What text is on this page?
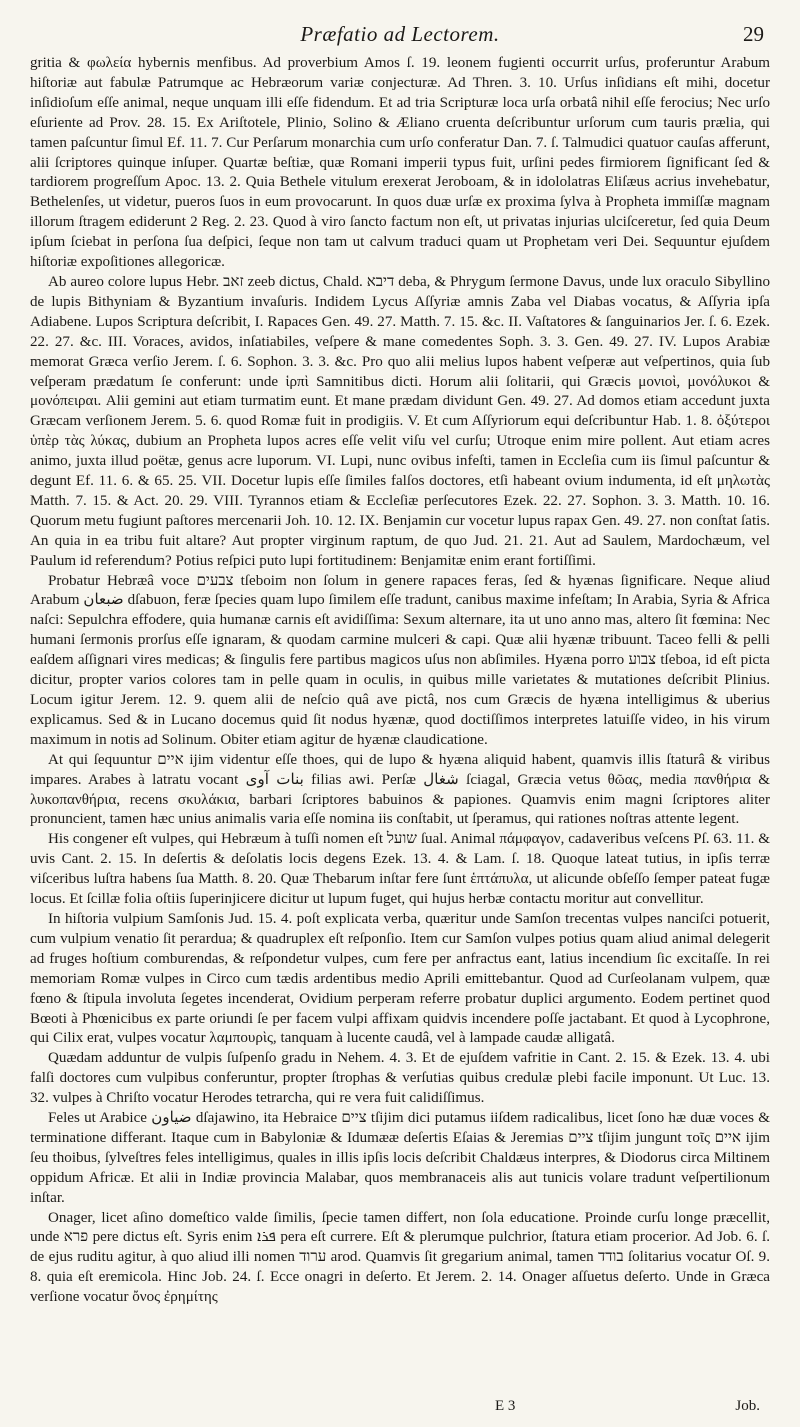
Præfatio ad Lectorem.	29

gritia & φωλεία hybernis menfibus. Ad proverbium Amos ſ. 19. leonem fugienti occurrit urſus, proferuntur Arabum hiſtoriæ aut fabulæ Patrumque ac Hebræorum variæ conjecturæ. Ad Thren. 3. 10. Urſus inſidians eſt mihi, docetur inſidioſum eſſe animal, neque unquam illi eſſe fidendum. Et ad tria Scripturæ loca urſa orbatâ nihil eſſe ferocius; Nec urſo eſuriente ad Prov. 28. 15. Ex Ariſtotele, Plinio, Solino & Æliano cruenta deſcribuntur urſorum cum tauris prælia, qui tamen paſcuntur ſimul Ef. 11. 7. Cur Perſarum monarchia cum urſo conferatur Dan. 7. ſ. Talmudici quatuor cauſas afferunt, alii ſcriptores quinque inſuper. Quartæ beſtiæ, quæ Romani imperii typus fuit, urſini pedes firmiorem ſignificant ſed & tardiorem progreſſum Apoc. 13. 2. Quia Bethele vitulum erexerat Jeroboam, & in idololatras Eliſæus acrius invehebatur, Bethelenſes, ut videtur, pueros ſuos in eum provocarunt. In quos duæ urſæ ex proxima ſylva à Propheta immiſſæ magnam illorum ſtragem ediderunt 2 Reg. 2. 23. Quod à viro ſancto factum non eſt, ut privatas injurias ulciſceretur, ſed quia Deum ipſum ſciebat in perſona ſua deſpici, ſeque non tam ut calvum traduci quam ut Prophetam veri Dei. Sequuntur ejuſdem hiſtoriæ expoſitiones allegoricæ.

Ab aureo colore lupus Hebr. זאב zeeb dictus, Chald. דיבא deba, & Phrygum ſermone Davus, unde lux oraculo Sibyllino de lupis Bithyniam & Byzantium invaſuris. Indidem Lycus Aſſyriæ amnis Zaba vel Diabas vocatus, & Aſſyria ipſa Adiabene. Lupos Scriptura deſcribit, I. Rapaces Gen. 49. 27. Matth. 7. 15. &c. II. Vaſtatores & ſanguinarios Jer. ſ. 6. Ezek. 22. 27. &c. III. Voraces, avidos, inſatiabiles, veſpere & mane comedentes Soph. 3. 3. Gen. 49. 27. IV. Lupos Arabiæ memorat Græca verſio Jerem. ſ. 6. Sophon. 3. 3. &c. Pro quo alii melius lupos habent veſperæ aut veſpertinos, quia ſub veſperam prædatum ſe conferunt: unde ἱρπὶ Samnitibus dicti. Horum alii ſolitarii, qui Græcis μονιοὶ, μονόλυκοι & μονόπειραι. Alii gemini aut etiam turmatim eunt. Et mane prædam dividunt Gen. 49. 27. Ad domos etiam accedunt juxta Græcam verſionem Jerem. 5. 6. quod Romæ fuit in prodigiis. V. Et cum Aſſyriorum equi deſcribuntur Hab. 1. 8. ὀξύτεροι ὑπὲρ τὰς λύκας, dubium an Propheta lupos acres eſſe velit viſu vel curſu; Utroque enim mire pollent. Aut etiam acres animo, juxta illud poëtæ, genus acre luporum. VI. Lupi, nunc ovibus infeſti, tamen in Eccleſia cum iis ſimul paſcuntur & degunt Ef. 11. 6. & 65. 25. VII. Docetur lupis eſſe ſimiles falſos doctores, etſi habeant ovium indumenta, id eſt μηλωτὰς Matth. 7. 15. & Act. 20. 29. VIII. Tyrannos etiam & Eccleſiæ perſecutores Ezek. 22. 27. Sophon. 3. 3. Matth. 10. 16. Quorum metu fugiunt paſtores mercenarii Joh. 10. 12. IX. Benjamin cur vocetur lupus rapax Gen. 49. 27. non conſtat ſatis. An quia in ea tribu fuit altare? Aut propter virginum raptum, de quo Jud. 21. 21. Aut ad Saulem, Mardochæum, vel Paulum id referendum? Potius reſpici puto lupi fortitudinem: Benjamitæ enim erant fortiſſimi.

Probatur Hebræâ voce צבעים tſeboim non ſolum in genere rapaces feras, ſed & hyænas ſignificare. Neque aliud Arabum ضبعان dſabuon, feræ ſpecies quam lupo ſimilem eſſe tradunt, canibus maxime infeſtam; In Arabia, Syria & Africa naſci: Sepulchra effodere, quia humanæ carnis eſt avidiſſima: Sexum alternare, ita ut uno anno mas, altero ſit fœmina: Nec humani ſermonis prorſus eſſe ignaram, & quodam carmine mulceri & capi. Quæ alii hyænæ tribuunt. Taceo felli & pelli eaſdem aſſignari vires medicas; & ſingulis fere partibus magicos uſus non abſimiles. Hyæna porro צבוע tſeboa, id eſt picta dicitur, propter varios colores tam in pelle quam in oculis, in quibus mille varietates & mutationes deſcribit Plinius. Locum igitur Jerem. 12. 9. quem alii de neſcio quâ ave pictâ, nos cum Græcis de hyæna intelligimus & uberius explicamus. Sed & in Lucano docemus quid ſit nodus hyænæ, quod doctiſſimos interpretes latuiſſe video, in his virum maximum in notis ad Solinum. Obiter etiam agitur de hyænæ claudicatione.

At qui ſequuntur איים ijim videntur eſſe thoes, qui de lupo & hyæna aliquid habent, quamvis illis ſtaturâ & viribus impares. Arabes à latratu vocant بنات آوى filias awi. Perſæ شغال ſciagal, Græcia vetus θῶας, media πανθήρια & λυκοπανθήρια, recens σκυλάκια, barbari ſcriptores babuinos & papiones. Quamvis enim magni ſcriptores aliter pronuncient, tamen hæc unius animalis varia eſſe nomina iis conſtabit, ut ſperamus, qui rationes noſtras attente legent.

His congener eſt vulpes, qui Hebræum à tuſſi nomen eſt שועל ſual. Animal πάμφαγον, cadaveribus veſcens Pſ. 63. 11. & uvis Cant. 2. 15. In deſertis & deſolatis locis degens Ezek. 13. 4. & Lam. ſ. 18. Quoque lateat tutius, in ipſis terræ viſceribus luſtra habens ſua Matth. 8. 20. Quæ Thebarum inſtar fere ſunt ἑπτάπυλα, ut alicunde obſeſſo ſemper pateat fugæ locus. Et ſcillæ folia oſtiis ſuperinjicere dicitur ut lupum fuget, qui hujus herbæ contactu moritur aut convellitur.

In hiſtoria vulpium Samſonis Jud. 15. 4. poſt explicata verba, quæritur unde Samſon trecentas vulpes nanciſci potuerit, cum vulpium venatio ſit perardua; & quadruplex eſt reſponſio. Item cur Samſon vulpes potius quam aliud animal delegerit ad fruges hoſtium comburendas, & reſpondetur vulpes, cum fere per anfractus eant, latius incendium ſic excitaſſe. In rei memoriam Romæ vulpes in Circo cum tædis ardentibus medio Aprili emittebantur. Quod ad Curſeolanam vulpem, quæ fœno & ſtipula involuta ſegetes incenderat, Ovidium perperam referre probatur duplici argumento. Eodem pertinet quod Bœoti à Phœnicibus ex parte oriundi ſe per facem vulpi affixam quidvis incendere poſſe jactabant. Et quod à Lycophrone, qui Cilix erat, vulpes vocatur λαμπουρὶς, tanquam à lucente caudâ, vel à lampade caudæ alligatâ.

Quædam adduntur de vulpis ſuſpenſo gradu in Nehem. 4. 3. Et de ejuſdem vafritie in Cant. 2. 15. & Ezek. 13. 4. ubi falſi doctores cum vulpibus conferuntur, propter ſtrophas & verſutias quibus credulæ plebi facile imponunt. Ut Luc. 13. 32. vulpes à Chriſto vocatur Herodes tetrarcha, qui re vera fuit calidiſſimus.

Feles ut Arabice ضياون dſajawino, ita Hebraice ציים tſijim dici putamus iiſdem radicalibus, licet ſono hæ duæ voces & terminatione differant. Itaque cum in Babyloniæ & Idumææ deſertis Eſaias & Jeremias ציים tſijim jungunt τοῖς איים ijim ſeu thoibus, ſylveſtres feles intelligimus, quales in illis ipſis locis deſcribit Chaldæus interpres, & Diodorus circa Miltinem oppidum Africæ. Et alii in Indiæ provincia Malabar, quos membranaceis alis aut tunicis volare tradunt veſpertilionum inſtar.

Onager, licet aſino domeſtico valde ſimilis, ſpecie tamen differt, non ſola educatione. Proinde curſu longe præcellit, unde פרא pere dictus eſt. Syris enim ܦܪܐ pera eſt currere. Eſt & plerumque pulchrior, ſtatura etiam procerior. Ad Job. 6. ſ. de ejus ruditu agitur, à quo aliud illi nomen ערוד arod. Quamvis ſit gregarium animal, tamen בודד ſolitarius vocatur Oſ. 9. 8. quia eſt eremicola. Hinc Job. 24. ſ. Ecce onagri in deſerto. Et Jerem. 2. 14. Onager aſſuetus deſerto. Unde in Græca verſione vocatur ὄνος ἐρημίτης

E 3	Job.
